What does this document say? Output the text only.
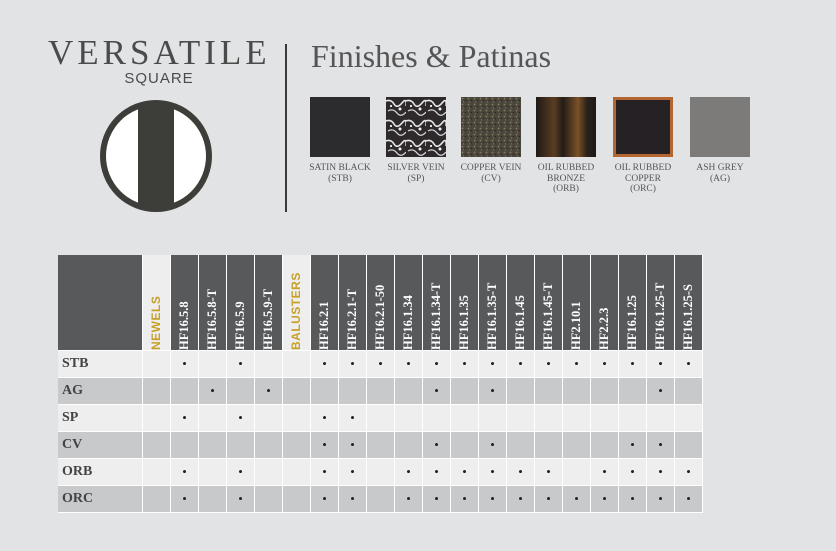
VERSATILE
SQUARE
Finishes & Patinas
SATIN BLACK
(STB)
SILVER VEIN
(SP)
COPPER VEIN
(CV)
OIL RUBBED
BRONZE
(ORB)
OIL RUBBED
COPPER
(ORC)
ASH GREY
(AG)

	NEWELS	HF16.5.8	HF16.5.8-T	HF16.5.9	HF16.5.9-T	BALUSTERS	HF16.2.1	HF16.2.1-T	HF16.2.1-50	HF16.1.34	HF16.1.34-T	HF16.1.35	HF16.1.35-T	HF16.1.45	HF16.1.45-T	HF2.10.1	HF2.2.3	HF16.1.25	HF16.1.25-T	HF16.1.25-S

STB		•		•			•	•	•	•	•	•	•	•	•	•	•	•	•	•
AG			•		•						•		•						•	
SP		•		•			•	•												
CV							•	•			•		•					•	•	
ORB		•		•			•	•		•	•	•	•	•	•		•	•	•	•
ORC		•		•			•	•		•	•	•	•	•	•	•	•	•	•	•
